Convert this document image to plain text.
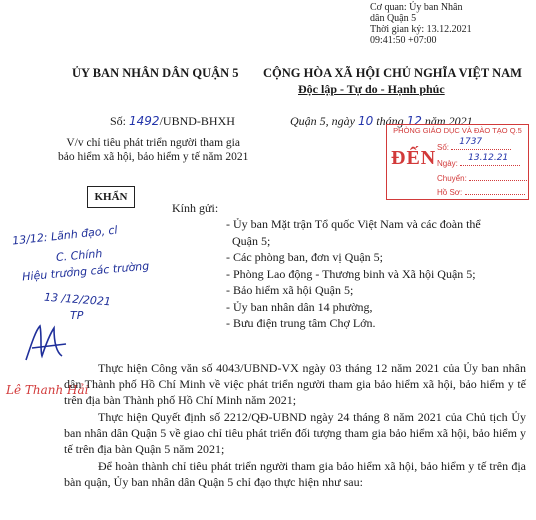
Cơ quan: Ủy ban Nhân
dân Quận 5
Thời gian ký: 13.12.2021
09:41:50 +07:00
ỦY BAN NHÂN DÂN QUẬN 5 CỘNG HÒA XÃ HỘI CHỦ NGHĨA VIỆT NAM
Độc lập - Tự do - Hạnh phúc
Số: 1492/UBND-BHXH	Quận 5, ngày 10 tháng 12 năm 2021
V/v chỉ tiêu phát triển người tham gia
bảo hiểm xã hội, bảo hiểm y tế năm 2021
KHẨN
PHÒNG GIÁO DỤC VÀ ĐÀO TẠO Q.5
ĐẾN Số:
1737
Ngày:
13.12.21
Chuyển:
Hồ Sơ:
Kính gửi:
- Ủy ban Mặt trận Tổ quốc Việt Nam và các đoàn thể
Quận 5;
- Các phòng ban, đơn vị Quận 5;
- Phòng Lao động - Thương binh và Xã hội Quận 5;
- Bảo hiểm xã hội Quận 5;
- Ủy ban nhân dân 14 phường,
- Bưu điện trung tâm Chợ Lớn.
13/12: Lãnh đạo, cl
C. Chính
Hiệu trưởng các trường
13 /12/2021
TP
Lê Thanh Hải

Thực hiện Công văn số 4043/UBND-VX ngày 03 tháng 12 năm 2021 của Ủy ban nhân dân Thành phố Hồ Chí Minh về việc phát triển người tham gia bảo hiểm xã hội, bảo hiểm y tế trên địa bàn Thành phố Hồ Chí Minh năm 2021;

Thực hiện Quyết định số 2212/QĐ-UBND ngày 24 tháng 8 năm 2021 của Chủ tịch Ủy ban nhân dân Quận 5 về giao chỉ tiêu phát triển đối tượng tham gia bảo hiểm xã hội, bảo hiểm y tế trên địa bàn Quận 5 năm 2021;

Để hoàn thành chỉ tiêu phát triển người tham gia bảo hiểm xã hội, bảo hiểm y tế trên địa bàn quận, Ủy ban nhân dân Quận 5 chỉ đạo thực hiện như sau:
